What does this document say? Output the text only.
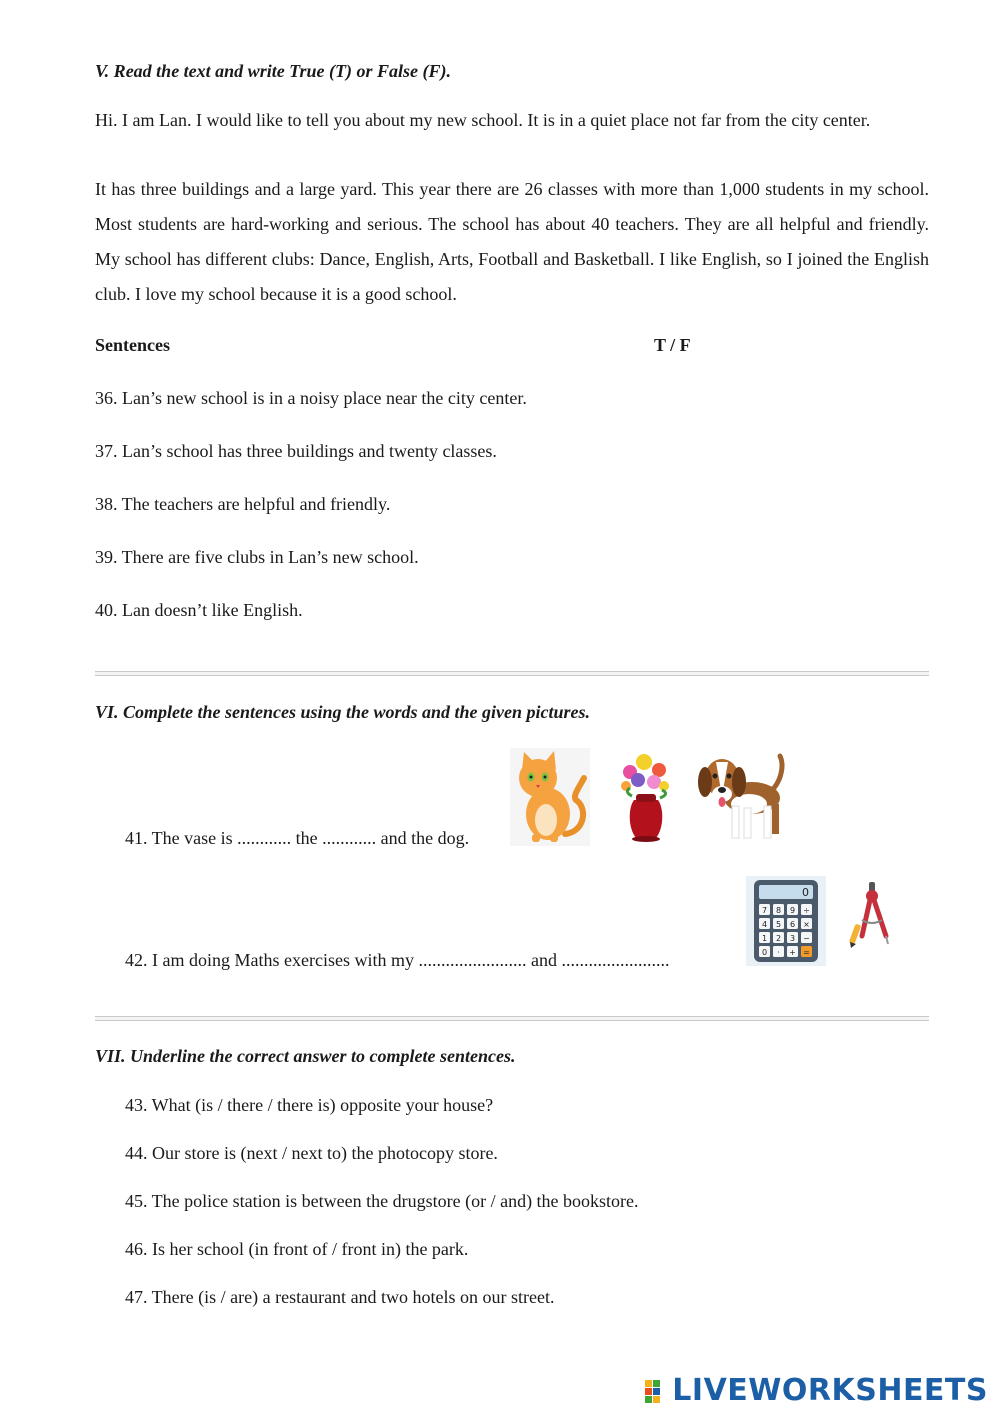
V. Read the text and write True (T) or False (F).
Hi. I am Lan. I would like to tell you about my new school. It is in a quiet place not far from the city center.
It has three buildings and a large yard. This year there are 26 classes with more than 1,000 students in my school. Most students are hard-working and serious. The school has about 40 teachers. They are all helpful and friendly. My school has different clubs: Dance, English, Arts, Football and Basketball. I like English, so I joined the English club. I love my school because it is a good school.
Sentences	T / F
36. Lan’s new school is in a noisy place near the city center.
37. Lan’s school has three buildings and twenty classes.
38. The teachers are helpful and friendly.
39. There are five clubs in Lan’s new school.
40. Lan doesn’t like English.
VI. Complete the sentences using the words and the given pictures.
41. The vase is ............ the ............ and the dog.
42. I am doing Maths exercises with my ........................ and ........................
0
7 8 9 ÷
4 5 6 ×
1 2 3 −
0 · + =
VII. Underline the correct answer to complete sentences.
43. What (is / there / there is) opposite your house?
44. Our store is (next / next to) the photocopy store.
45. The police station is between the drugstore (or / and) the bookstore.
46. Is her school (in front of / front in) the park.
47. There (is / are) a restaurant and two hotels on our street.
LIVEWORKSHEETS
